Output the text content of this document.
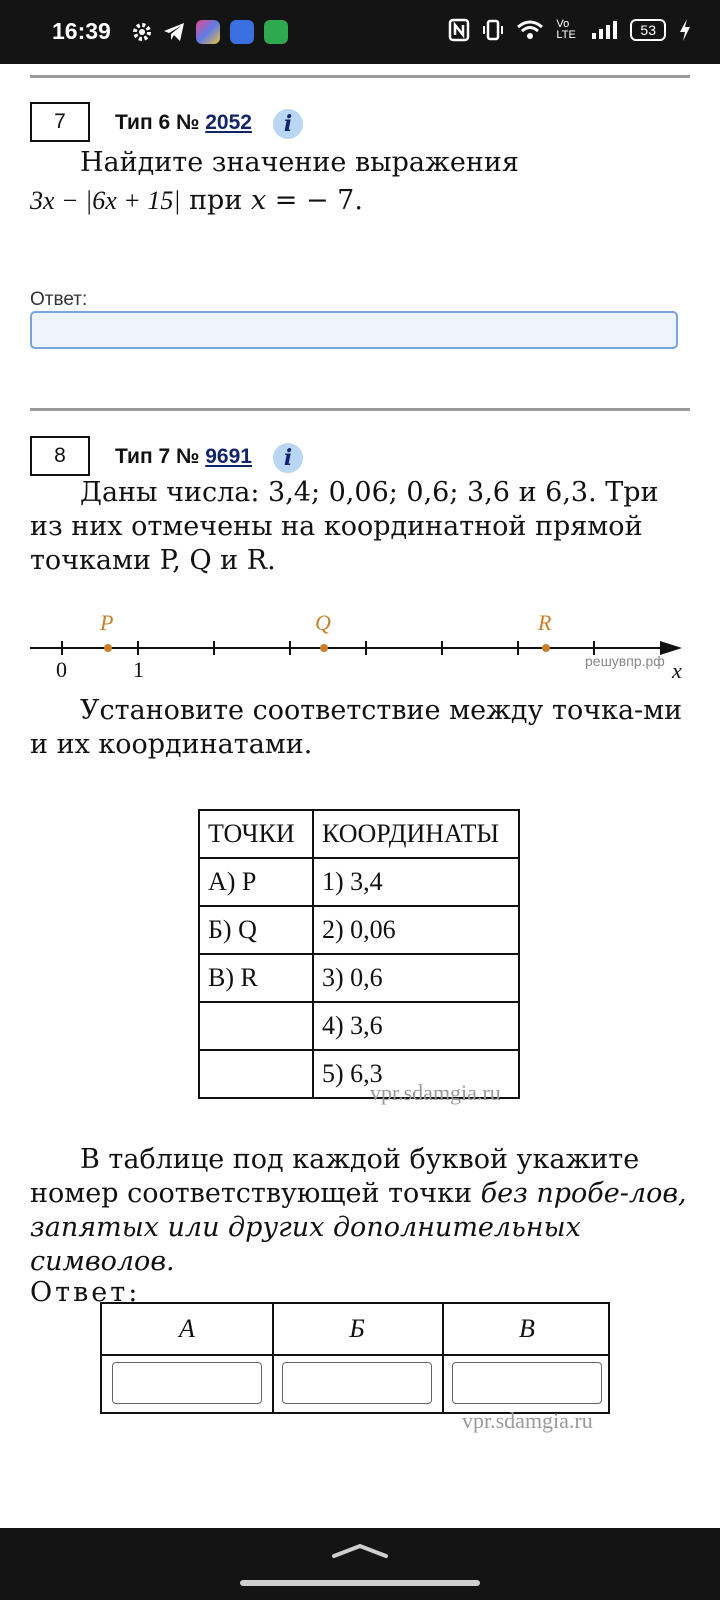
16:39	Vo LTE	53
7	Тип 6 № 2052	i
Найдите значение выражения
3x − |6x + 15| при x = − 7.
Ответ:
8	Тип 7 № 9691	i
Даны числа: 3,4; 0,06; 0,6; 3,6 и 6,3. Три из них отмечены на координатной прямой точками P, Q и R.
P	Q	R
0	1	x
решувпр.рф
Установите соответствие между точка-ми и их координатами.
ТОЧКИ	КООРДИНАТЫ
А) P	1) 3,4
Б) Q	2) 0,06
В) R	3) 0,6
	4) 3,6
	5) 6,3
vpr.sdamgia.ru
В таблице под каждой буквой укажите номер соответствующей точки без пробе-лов, запятых или других дополнительных символов.
Ответ:
А	Б	В
vpr.sdamgia.ru
